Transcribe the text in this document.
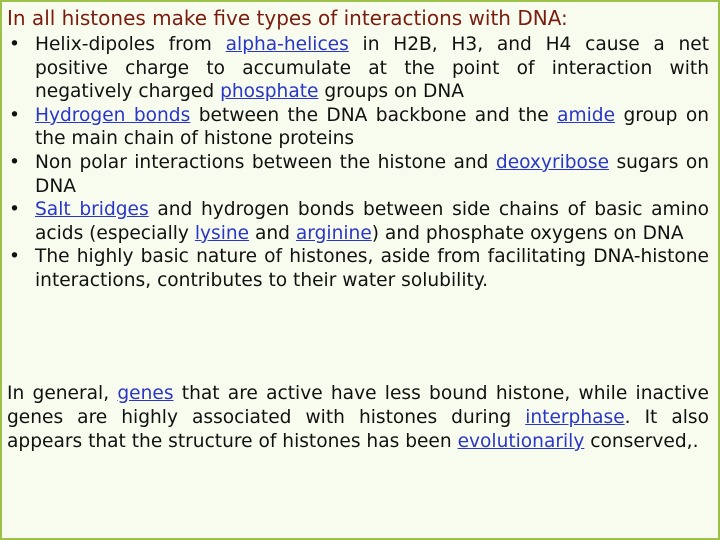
In all histones make five types of interactions with DNA:
• Helix-dipoles from alpha-helices in H2B, H3, and H4 cause a net positive charge to accumulate at the point of interaction with negatively charged phosphate groups on DNA
• Hydrogen bonds between the DNA backbone and the amide group on the main chain of histone proteins
• Non polar interactions between the histone and deoxyribose sugars on DNA
• Salt bridges and hydrogen bonds between side chains of basic amino acids (especially lysine and arginine) and phosphate oxygens on DNA
• The highly basic nature of histones, aside from facilitating DNA-histone interactions, contributes to their water solubility.

In general, genes that are active have less bound histone, while inactive genes are highly associated with histones during interphase. It also appears that the structure of histones has been evolutionarily conserved,.
